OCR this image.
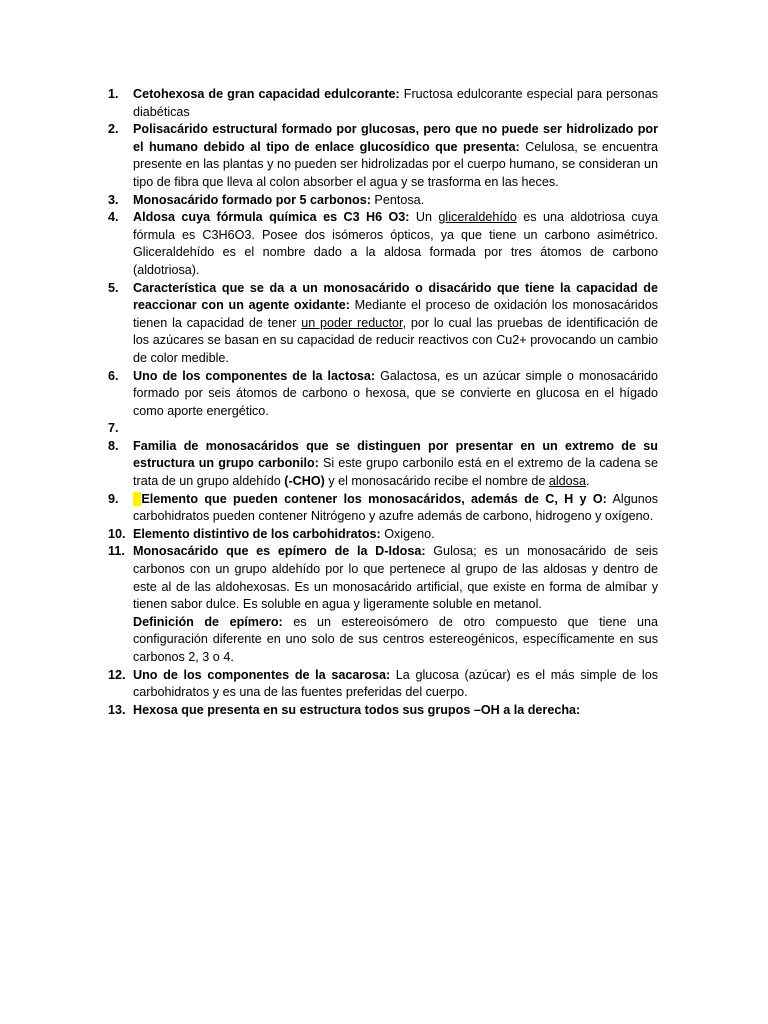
1. Cetohexosa de gran capacidad edulcorante: Fructosa edulcorante especial para personas diabéticas
2. Polisacárido estructural formado por glucosas, pero que no puede ser hidrolizado por el humano debido al tipo de enlace glucosídico que presenta: Celulosa, se encuentra presente en las plantas y no pueden ser hidrolizadas por el cuerpo humano, se consideran un tipo de fibra que lleva al colon absorber el agua y se trasforma en las heces.
3. Monosacárido formado por 5 carbonos: Pentosa.
4. Aldosa cuya fórmula química es C3 H6 O3: Un gliceraldehído es una aldotriosa cuya fórmula es C3H6O3. Posee dos isómeros ópticos, ya que tiene un carbono asimétrico. Gliceraldehído es el nombre dado a la aldosa formada por tres átomos de carbono (aldotriosa).
5. Característica que se da a un monosacárido o disacárido que tiene la capacidad de reaccionar con un agente oxidante: Mediante el proceso de oxidación los monosacáridos tienen la capacidad de tener un poder reductor, por lo cual las pruebas de identificación de los azúcares se basan en su capacidad de reducir reactivos con Cu2+ provocando un cambio de color medible.
6. Uno de los componentes de la lactosa: Galactosa, es un azúcar simple o monosacárido formado por seis átomos de carbono o hexosa, que se convierte en glucosa en el hígado como aporte energético.
7.

8. Familia de monosacáridos que se distinguen por presentar en un extremo de su estructura un grupo carbonilo: Si este grupo carbonilo está en el extremo de la cadena se trata de un grupo aldehído (-CHO) y el monosacárido recibe el nombre de aldosa.
9. Elemento que pueden contener los monosacáridos, además de C, H y O: Algunos carbohidratos pueden contener Nitrógeno y azufre además de carbono, hidrogeno y oxígeno.
10. Elemento distintivo de los carbohidratos: Oxigeno.
11. Monosacárido que es epímero de la D-Idosa: Gulosa; es un monosacárido de seis carbonos con un grupo aldehído por lo que pertenece al grupo de las aldosas y dentro de este al de las aldohexosas. Es un monosacárido artificial, que existe en forma de almíbar y tienen sabor dulce. Es soluble en agua y ligeramente soluble en metanol.
Definición de epímero: es un estereoisómero de otro compuesto que tiene una configuración diferente en uno solo de sus centros estereogénicos, específicamente en sus carbonos 2, 3 o 4.
12. Uno de los componentes de la sacarosa: La glucosa (azúcar) es el más simple de los carbohidratos y es una de las fuentes preferidas del cuerpo.
13. Hexosa que presenta en su estructura todos sus grupos –OH a la derecha:
